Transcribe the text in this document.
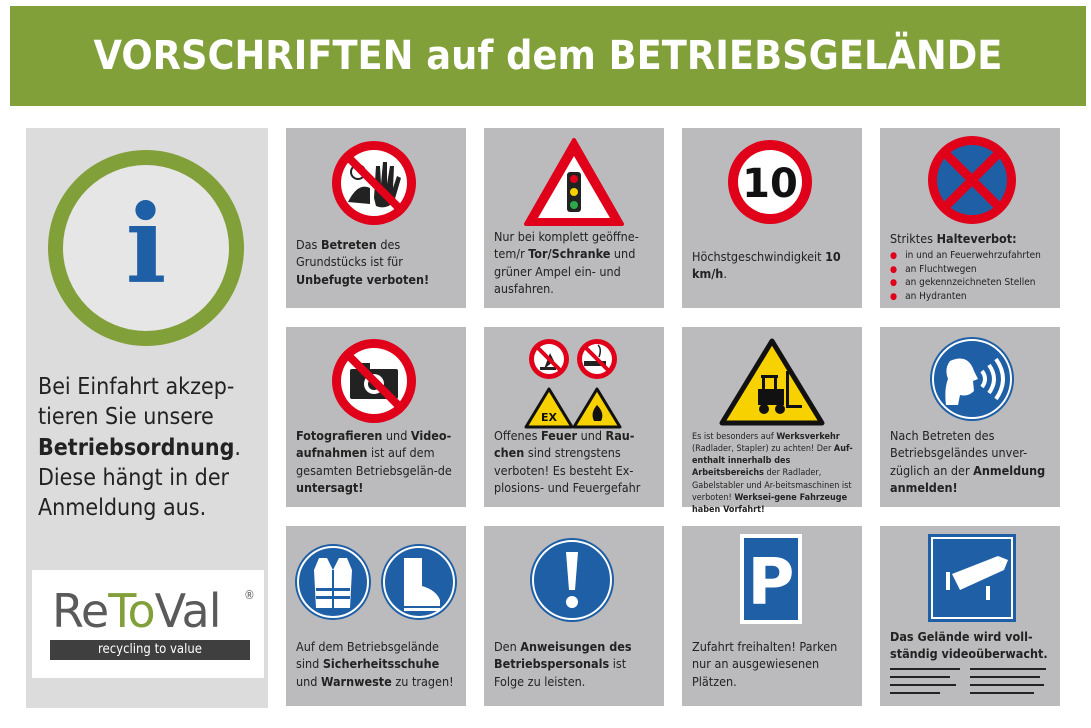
VORSCHRIFTEN auf dem BETRIEBSGELÄNDE
i
Bei Einfahrt akzep-
tieren Sie unsere
Betriebsordnung.
Diese hängt in der
Anmeldung aus.
ReToVal ®
recycling to value
Das Betreten des Grundstücks ist für Unbefugte verboten!
Nur bei komplett geöffne-tem/r Tor/Schranke und grüner Ampel ein- und ausfahren.
10
Höchstgeschwindigkeit 10 km/h.
Striktes Halteverbot:
● in und an Feuerwehrzufahrten
● an Fluchtwegen
● an gekennzeichneten Stellen
● an Hydranten
Fotografieren und Video-aufnahmen ist auf dem gesamten Betriebsgelän-de untersagt!
EX
Offenes Feuer und Rau-chen sind strengstens verboten! Es besteht Ex-plosions- und Feuergefahr
Es ist besonders auf Werksverkehr (Radlader, Stapler) zu achten! Der Auf-enthalt innerhalb des Arbeitsbereichs der Radlader, Gabelstabler und Ar-beitsmaschinen ist verboten! Werksei-gene Fahrzeuge haben Vorfahrt!
Nach Betreten des Betriebsgeländes unver-züglich an der Anmeldung anmelden!
Auf dem Betriebsgelände sind Sicherheitsschuhe und Warnweste zu tragen!
Den Anweisungen des Betriebspersonals ist Folge zu leisten.
P
Zufahrt freihalten! Parken nur an ausgewiesenen Plätzen.
Das Gelände wird voll-ständig videoüberwacht.
